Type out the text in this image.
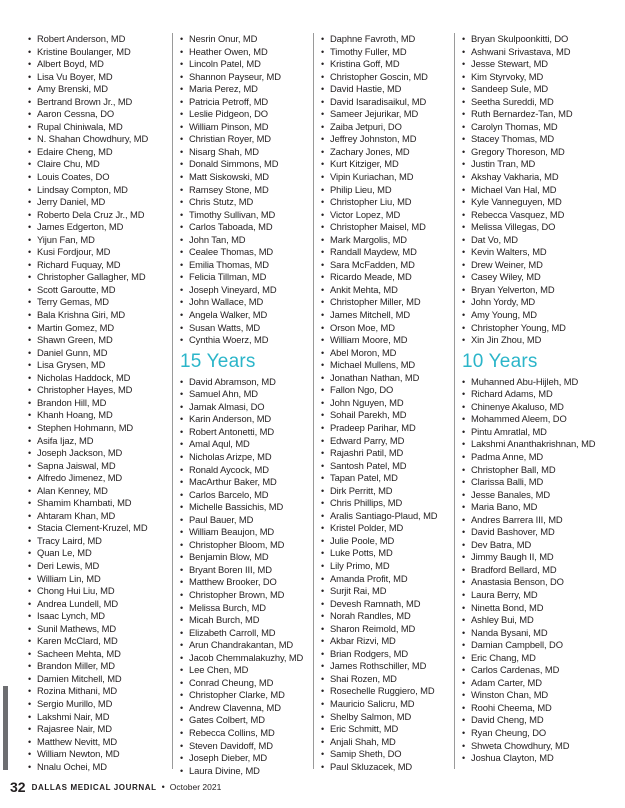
• Robert Anderson, MD
• Kristine Boulanger, MD
• Albert Boyd, MD
• Lisa Vu Boyer, MD
• Amy Brenski, MD
• Bertrand Brown Jr., MD
• Aaron Cessna, DO
• Rupal Chiniwala, MD
• N. Shahan Chowdhury, MD
• Edaire Cheng, MD
• Claire Chu, MD
• Louis Coates, DO
• Lindsay Compton, MD
• Jerry Daniel, MD
• Roberto Dela Cruz Jr., MD
• James Edgerton, MD
• Yijun Fan, MD
• Kusi Fordjour, MD
• Richard Fuquay, MD
• Christopher Gallagher, MD
• Scott Garoutte, MD
• Terry Gemas, MD
• Bala Krishna Giri, MD
• Martin Gomez, MD
• Shawn Green, MD
• Daniel Gunn, MD
• Lisa Grysen, MD
• Nicholas Haddock, MD
• Christopher Hayes, MD
• Brandon Hill, MD
• Khanh Hoang, MD
• Stephen Hohmann, MD
• Asifa Ijaz, MD
• Joseph Jackson, MD
• Sapna Jaiswal, MD
• Alfredo Jimenez, MD
• Alan Kenney, MD
• Shamim Khambati, MD
• Ahtaram Khan, MD
• Stacia Clement-Kruzel, MD
• Tracy Laird, MD
• Quan Le, MD
• Deri Lewis, MD
• William Lin, MD
• Chong Hui Liu, MD
• Andrea Lundell, MD
• Isaac Lynch, MD
• Sunil Mathews, MD
• Karen McClard, MD
• Sacheen Mehta, MD
• Brandon Miller, MD
• Damien Mitchell, MD
• Rozina Mithani, MD
• Sergio Murillo, MD
• Lakshmi Nair, MD
• Rajasree Nair, MD
• Matthew Nevitt, MD
• William Newton, MD
• Nnalu Ochei, MD
• Nesrin Onur, MD
• Heather Owen, MD
• Lincoln Patel, MD
• Shannon Payseur, MD
• Maria Perez, MD
• Patricia Petroff, MD
• Leslie Pidgeon, DO
• William Pinson, MD
• Christian Royer, MD
• Nisarg Shah, MD
• Donald Simmons, MD
• Matt Siskowski, MD
• Ramsey Stone, MD
• Chris Stutz, MD
• Timothy Sullivan, MD
• Carlos Taboada, MD
• John Tan, MD
• Cealee Thomas, MD
• Emilia Thomas, MD
• Felicia Tillman, MD
• Joseph Vineyard, MD
• John Wallace, MD
• Angela Walker, MD
• Susan Watts, MD
• Cynthia Woerz, MD
15 Years
• David Abramson, MD
• Samuel Ahn, MD
• Jamak Almasi, DO
• Karin Anderson, MD
• Robert Antonetti, MD
• Amal Aqul, MD
• Nicholas Arizpe, MD
• Ronald Aycock, MD
• MacArthur Baker, MD
• Carlos Barcelo, MD
• Michelle Bassichis, MD
• Paul Bauer, MD
• William Beaujon, MD
• Christopher Bloom, MD
• Benjamin Blow, MD
• Bryant Boren III, MD
• Matthew Brooker, DO
• Christopher Brown, MD
• Melissa Burch, MD
• Micah Burch, MD
• Elizabeth Carroll, MD
• Arun Chandrakantan, MD
• Jacob Chemmalakuzhy, MD
• Lee Chen, MD
• Conrad Cheung, MD
• Christopher Clarke, MD
• Andrew Clavenna, MD
• Gates Colbert, MD
• Rebecca Collins, MD
• Steven Davidoff, MD
• Joseph Dieber, MD
• Laura Divine, MD
• Daphne Favroth, MD
• Timothy Fuller, MD
• Kristina Goff, MD
• Christopher Goscin, MD
• David Hastie, MD
• David Isaradisaikul, MD
• Sameer Jejurikar, MD
• Zaiba Jetpuri, DO
• Jeffrey Johnston, MD
• Zachary Jones, MD
• Kurt Kitziger, MD
• Vipin Kuriachan, MD
• Philip Lieu, MD
• Christopher Liu, MD
• Victor Lopez, MD
• Christopher Maisel, MD
• Mark Margolis, MD
• Randall Maydew, MD
• Sara McFadden, MD
• Ricardo Meade, MD
• Ankit Mehta, MD
• Christopher Miller, MD
• James Mitchell, MD
• Orson Moe, MD
• William Moore, MD
• Abel Moron, MD
• Michael Mullens, MD
• Jonathan Nathan, MD
• Fallon Ngo, DO
• John Nguyen, MD
• Sohail Parekh, MD
• Pradeep Parihar, MD
• Edward Parry, MD
• Rajashri Patil, MD
• Santosh Patel, MD
• Tapan Patel, MD
• Dirk Perritt, MD
• Chris Phillips, MD
• Aralis Santiago-Plaud, MD
• Kristel Polder, MD
• Julie Poole, MD
• Luke Potts, MD
• Lily Primo, MD
• Amanda Profit, MD
• Surjit Rai, MD
• Devesh Ramnath, MD
• Norah Randles, MD
• Sharon Reimold, MD
• Akbar Rizvi, MD
• Brian Rodgers, MD
• James Rothschiller, MD
• Shai Rozen, MD
• Rosechelle Ruggiero, MD
• Mauricio Salicru, MD
• Shelby Salmon, MD
• Eric Schmitt, MD
• Anjali Shah, MD
• Samip Sheth, DO
• Paul Skluzacek, MD
• Bryan Skulpoonkitti, DO
• Ashwani Srivastava, MD
• Jesse Stewart, MD
• Kim Styrvoky, MD
• Sandeep Sule, MD
• Seetha Sureddi, MD
• Ruth Bernardez-Tan, MD
• Carolyn Thomas, MD
• Stacey Thomas, MD
• Gregory Thoreson, MD
• Justin Tran, MD
• Akshay Vakharia, MD
• Michael Van Hal, MD
• Kyle Vanneguyen, MD
• Rebecca Vasquez, MD
• Melissa Villegas, DO
• Dat Vo, MD
• Kevin Walters, MD
• Drew Weiner, MD
• Casey Wiley, MD
• Bryan Yelverton, MD
• John Yordy, MD
• Amy Young, MD
• Christopher Young, MD
• Xin Jin Zhou, MD
10 Years
• Muhanned Abu-Hijleh, MD
• Richard Adams, MD
• Chinenye Akaluso, MD
• Mohammed Aleem, DO
• Pintu Amratlal, MD
• Lakshmi Ananthakrishnan, MD
• Padma Anne, MD
• Christopher Ball, MD
• Clarissa Balli, MD
• Jesse Banales, MD
• Maria Bano, MD
• Andres Barrera III, MD
• David Bashover, MD
• Dev Batra, MD
• Jimmy Baugh II, MD
• Bradford Bellard, MD
• Anastasia Benson, DO
• Laura Berry, MD
• Ninetta Bond, MD
• Ashley Bui, MD
• Nanda Bysani, MD
• Damian Campbell, DO
• Eric Chang, MD
• Carlos Cardenas, MD
• Adam Carter, MD
• Winston Chan, MD
• Roohi Cheema, MD
• David Cheng, MD
• Ryan Cheung, DO
• Shweta Chowdhury, MD
• Joshua Clayton, MD
32 DALLAS MEDICAL JOURNAL • October 2021
